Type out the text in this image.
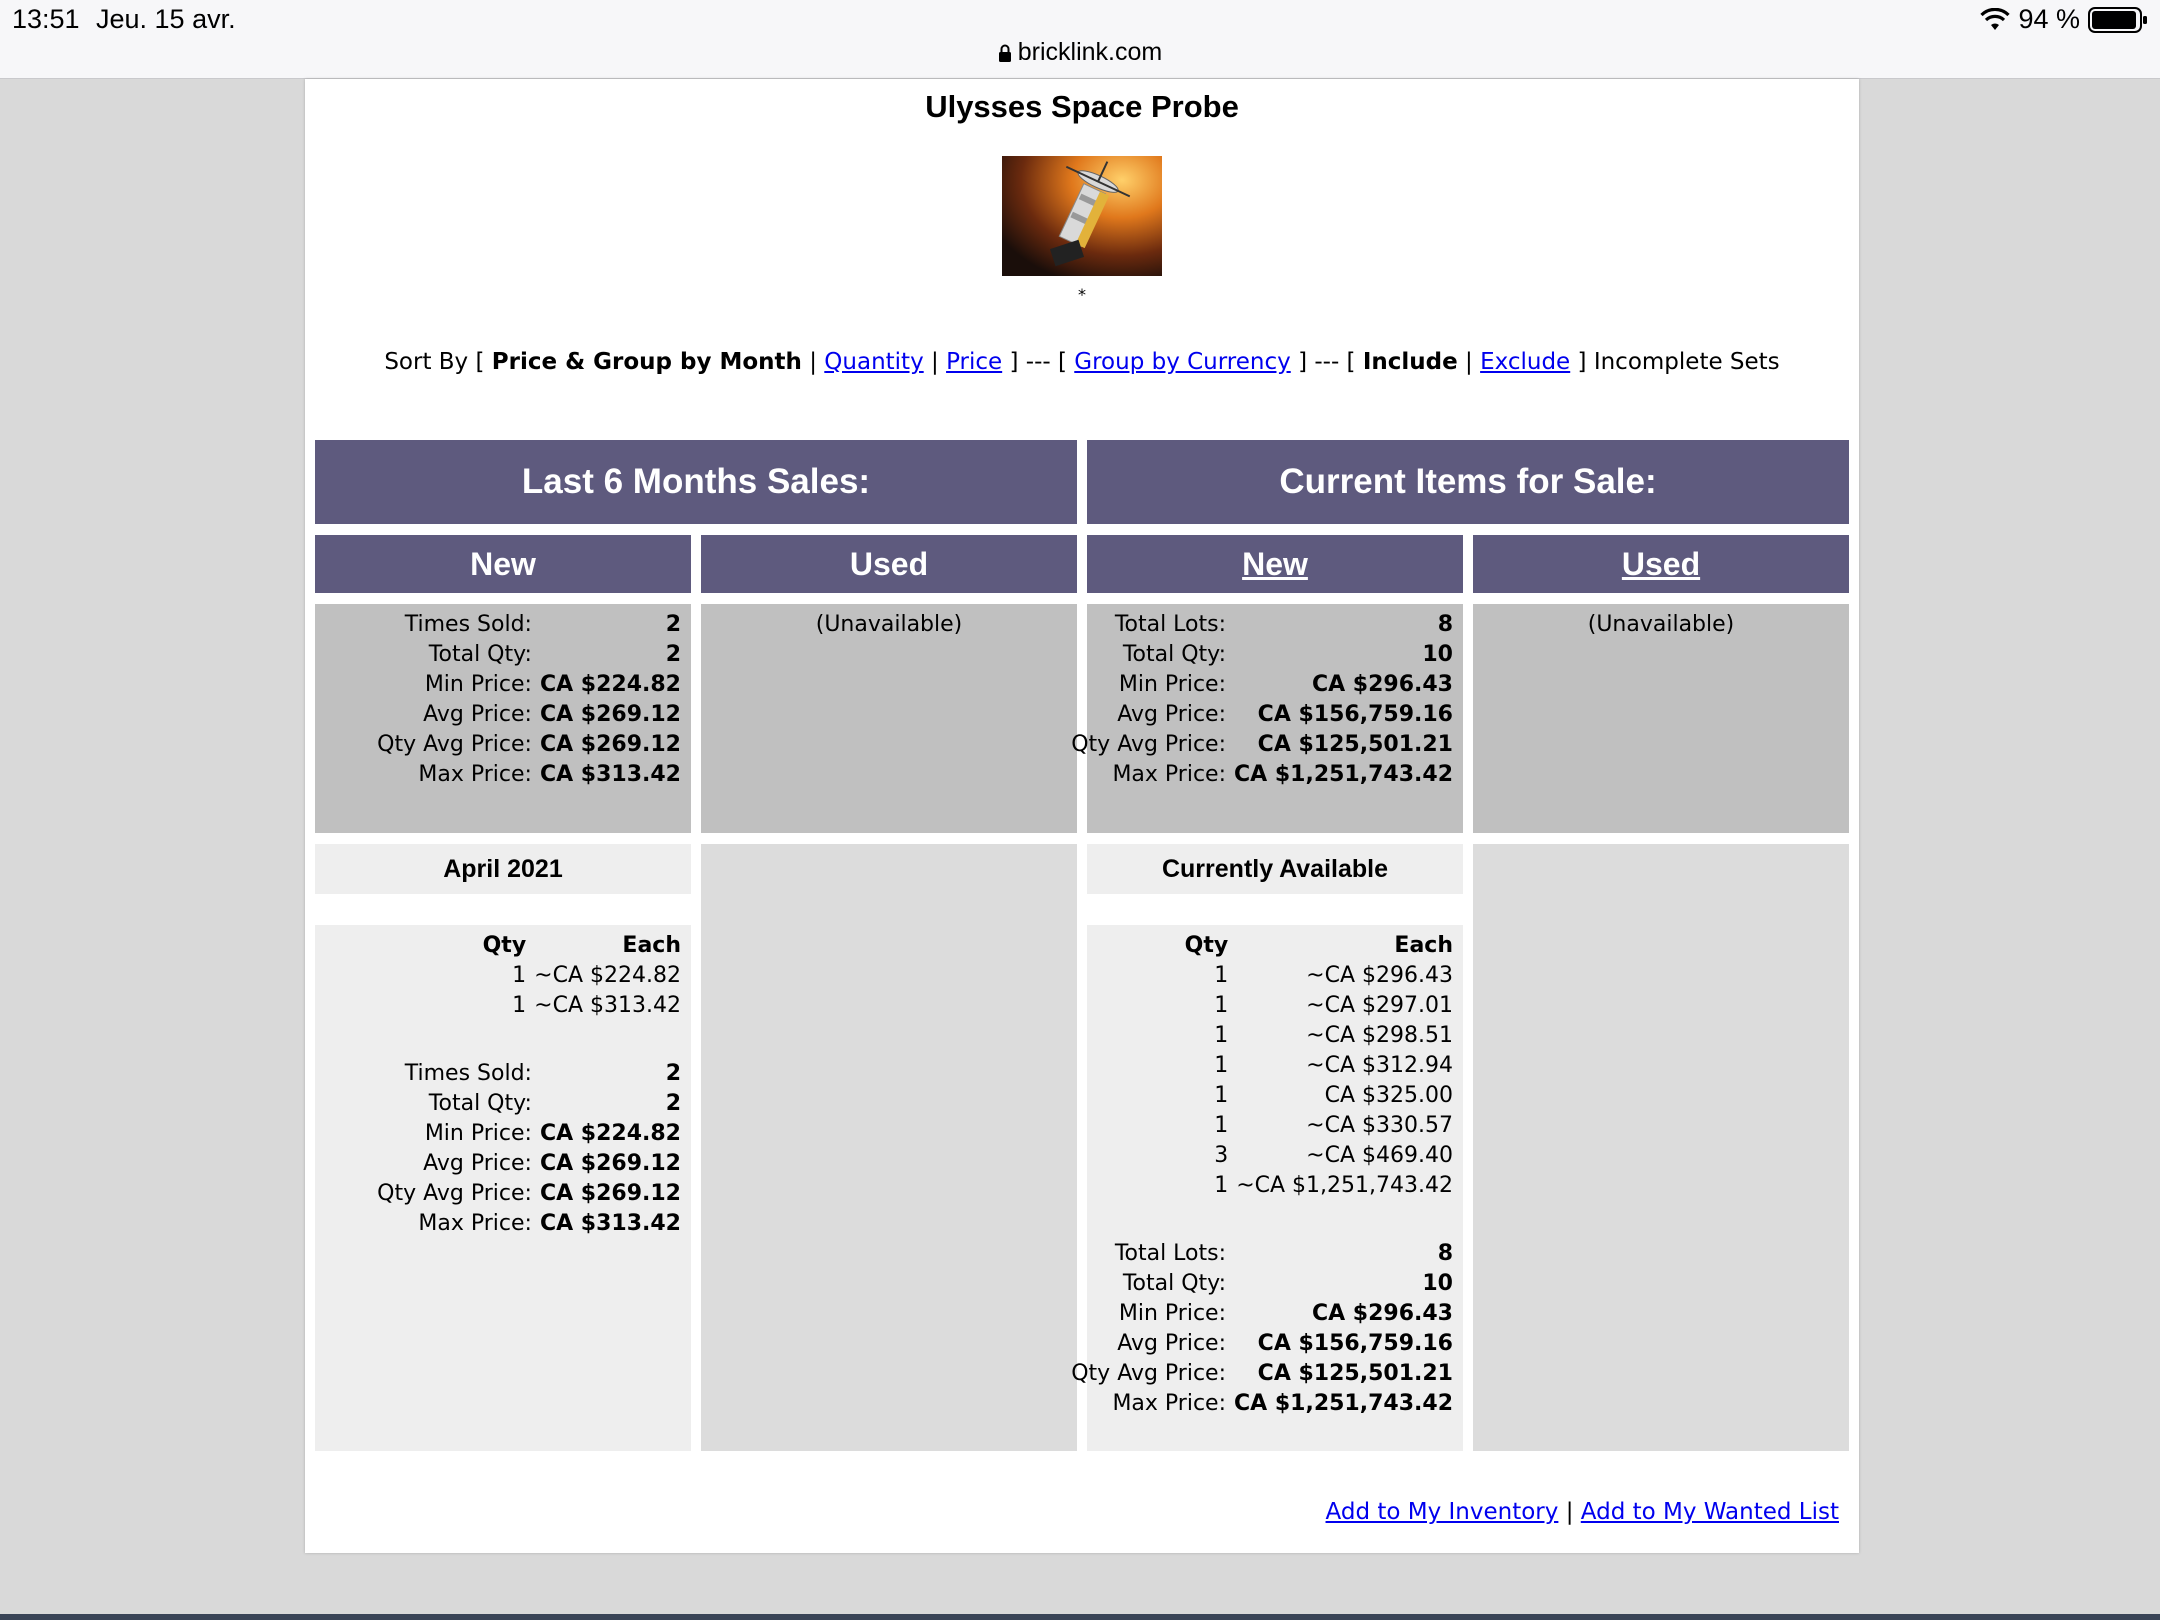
13:51 Jeu. 15 avr.	94 %
bricklink.com
Ulysses Space Probe
*
Sort By [ Price & Group by Month | Quantity | Price ] --- [ Group by Currency ] --- [ Include | Exclude ] Incomplete Sets
Last 6 Months Sales:	Current Items for Sale:
New	Used	New	Used
Times Sold:	2
Total Qty:	2
Min Price:	CA $224.82
Avg Price:	CA $269.12
Qty Avg Price:	CA $269.12
Max Price:	CA $313.42
(Unavailable)	Total Lots:	8
Total Qty:	10
Min Price:	CA $296.43
Avg Price:	CA $156,759.16
Qty Avg Price:	CA $125,501.21
Max Price:	CA $1,251,743.42
(Unavailable)
April 2021
Qty	Each
1	~CA $224.82
1	~CA $313.42
Times Sold:	2
Total Qty:	2
Min Price:	CA $224.82
Avg Price:	CA $269.12
Qty Avg Price:	CA $269.12
Max Price:	CA $313.42
Currently Available
Qty	Each
1	~CA $296.43
1	~CA $297.01
1	~CA $298.51
1	~CA $312.94
1	CA $325.00
1	~CA $330.57
3	~CA $469.40
1	~CA $1,251,743.42
Total Lots:	8
Total Qty:	10
Min Price:	CA $296.43
Avg Price:	CA $156,759.16
Qty Avg Price:	CA $125,501.21
Max Price:	CA $1,251,743.42
Add to My Inventory | Add to My Wanted List
